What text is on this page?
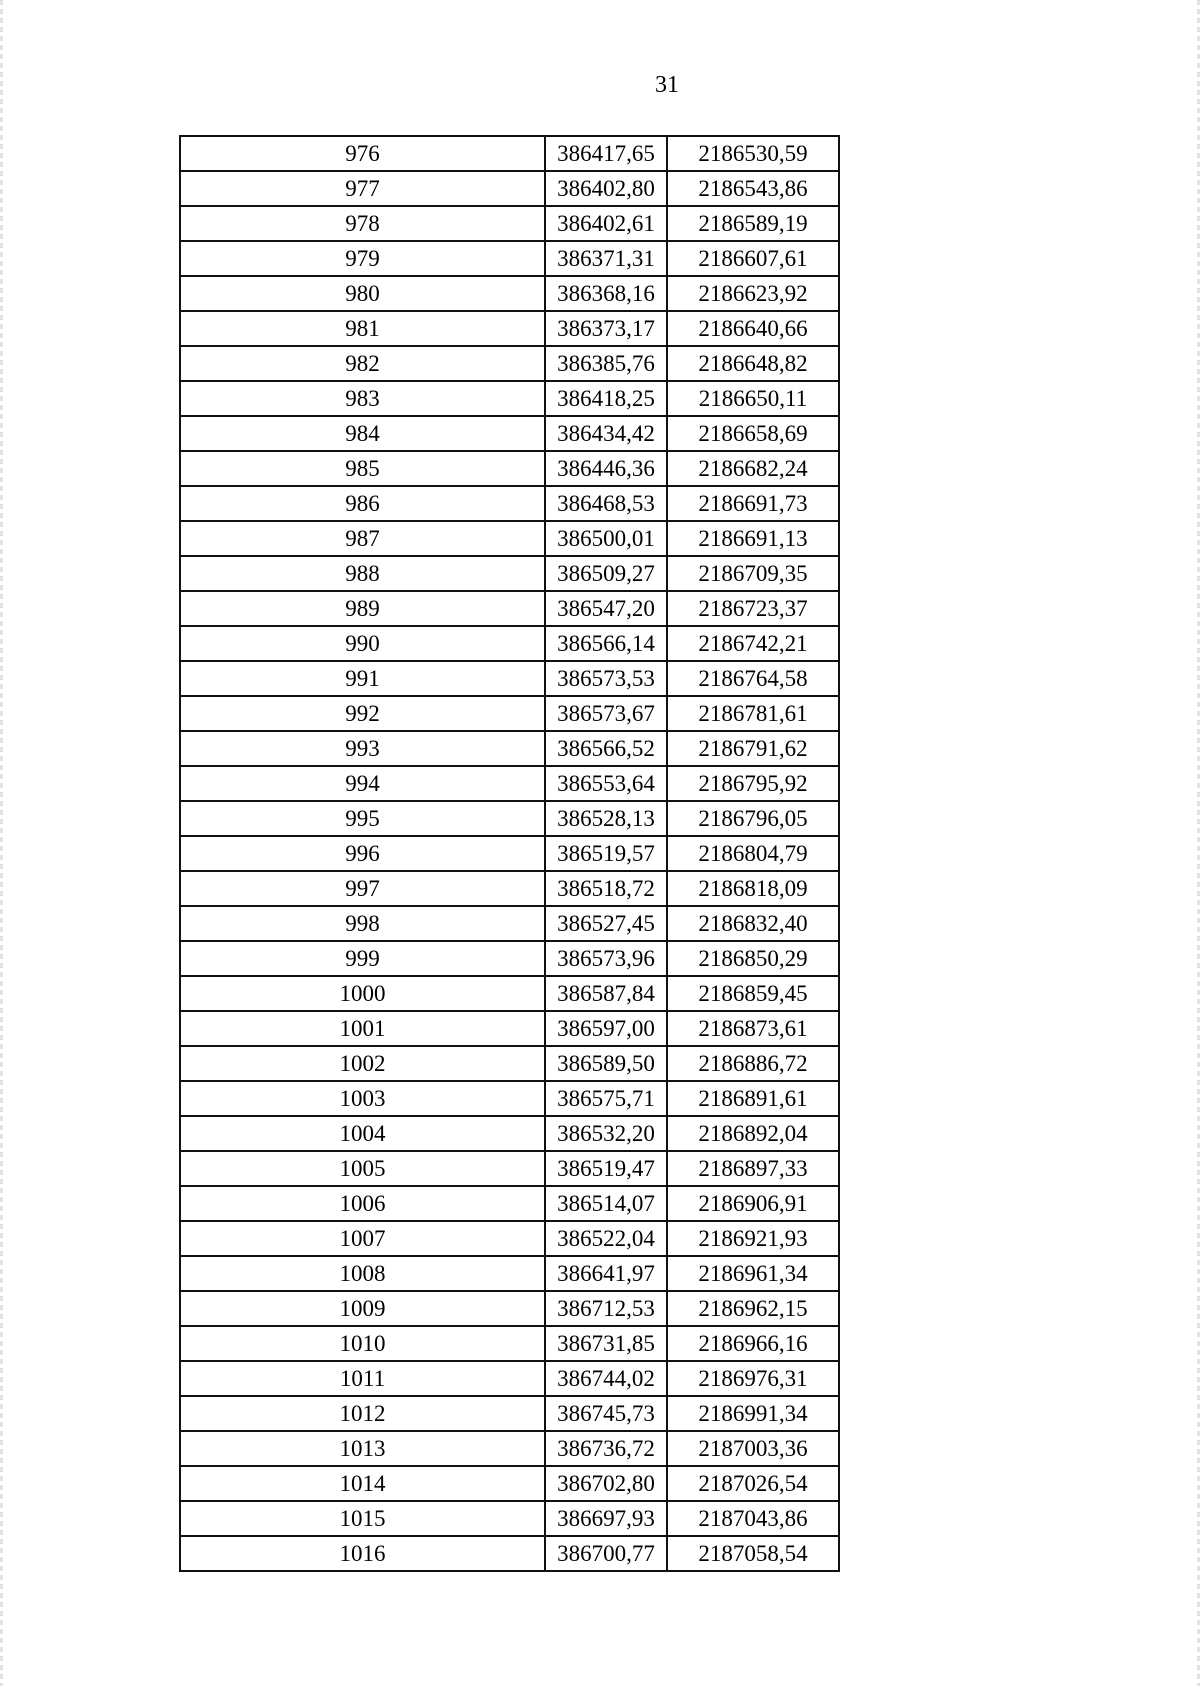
31
976	386417,65	2186530,59
977	386402,80	2186543,86
978	386402,61	2186589,19
979	386371,31	2186607,61
980	386368,16	2186623,92
981	386373,17	2186640,66
982	386385,76	2186648,82
983	386418,25	2186650,11
984	386434,42	2186658,69
985	386446,36	2186682,24
986	386468,53	2186691,73
987	386500,01	2186691,13
988	386509,27	2186709,35
989	386547,20	2186723,37
990	386566,14	2186742,21
991	386573,53	2186764,58
992	386573,67	2186781,61
993	386566,52	2186791,62
994	386553,64	2186795,92
995	386528,13	2186796,05
996	386519,57	2186804,79
997	386518,72	2186818,09
998	386527,45	2186832,40
999	386573,96	2186850,29
1000	386587,84	2186859,45
1001	386597,00	2186873,61
1002	386589,50	2186886,72
1003	386575,71	2186891,61
1004	386532,20	2186892,04
1005	386519,47	2186897,33
1006	386514,07	2186906,91
1007	386522,04	2186921,93
1008	386641,97	2186961,34
1009	386712,53	2186962,15
1010	386731,85	2186966,16
1011	386744,02	2186976,31
1012	386745,73	2186991,34
1013	386736,72	2187003,36
1014	386702,80	2187026,54
1015	386697,93	2187043,86
1016	386700,77	2187058,54
